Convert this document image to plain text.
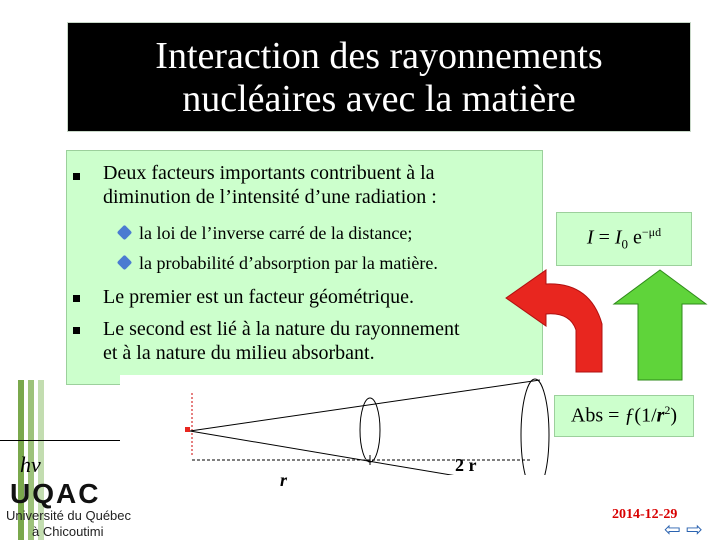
Interaction des rayonnements
nucléaires avec la matière
Deux facteurs importants contribuent à la
diminution de l’intensité d’une radiation :
la loi de l’inverse carré de la distance;
la probabilité d’absorption par la matière.
Le premier est un facteur géométrique.
Le second est lié à la nature du rayonnement
et à la nature du milieu absorbant.
$I = I_0$ $e^{-\mu d}$
r
2 r
Abs = $ƒ(1/r^2)$
hν
UQAC
Université du Québec
à Chicoutimi
2014-12-29
⇦ ⇨
